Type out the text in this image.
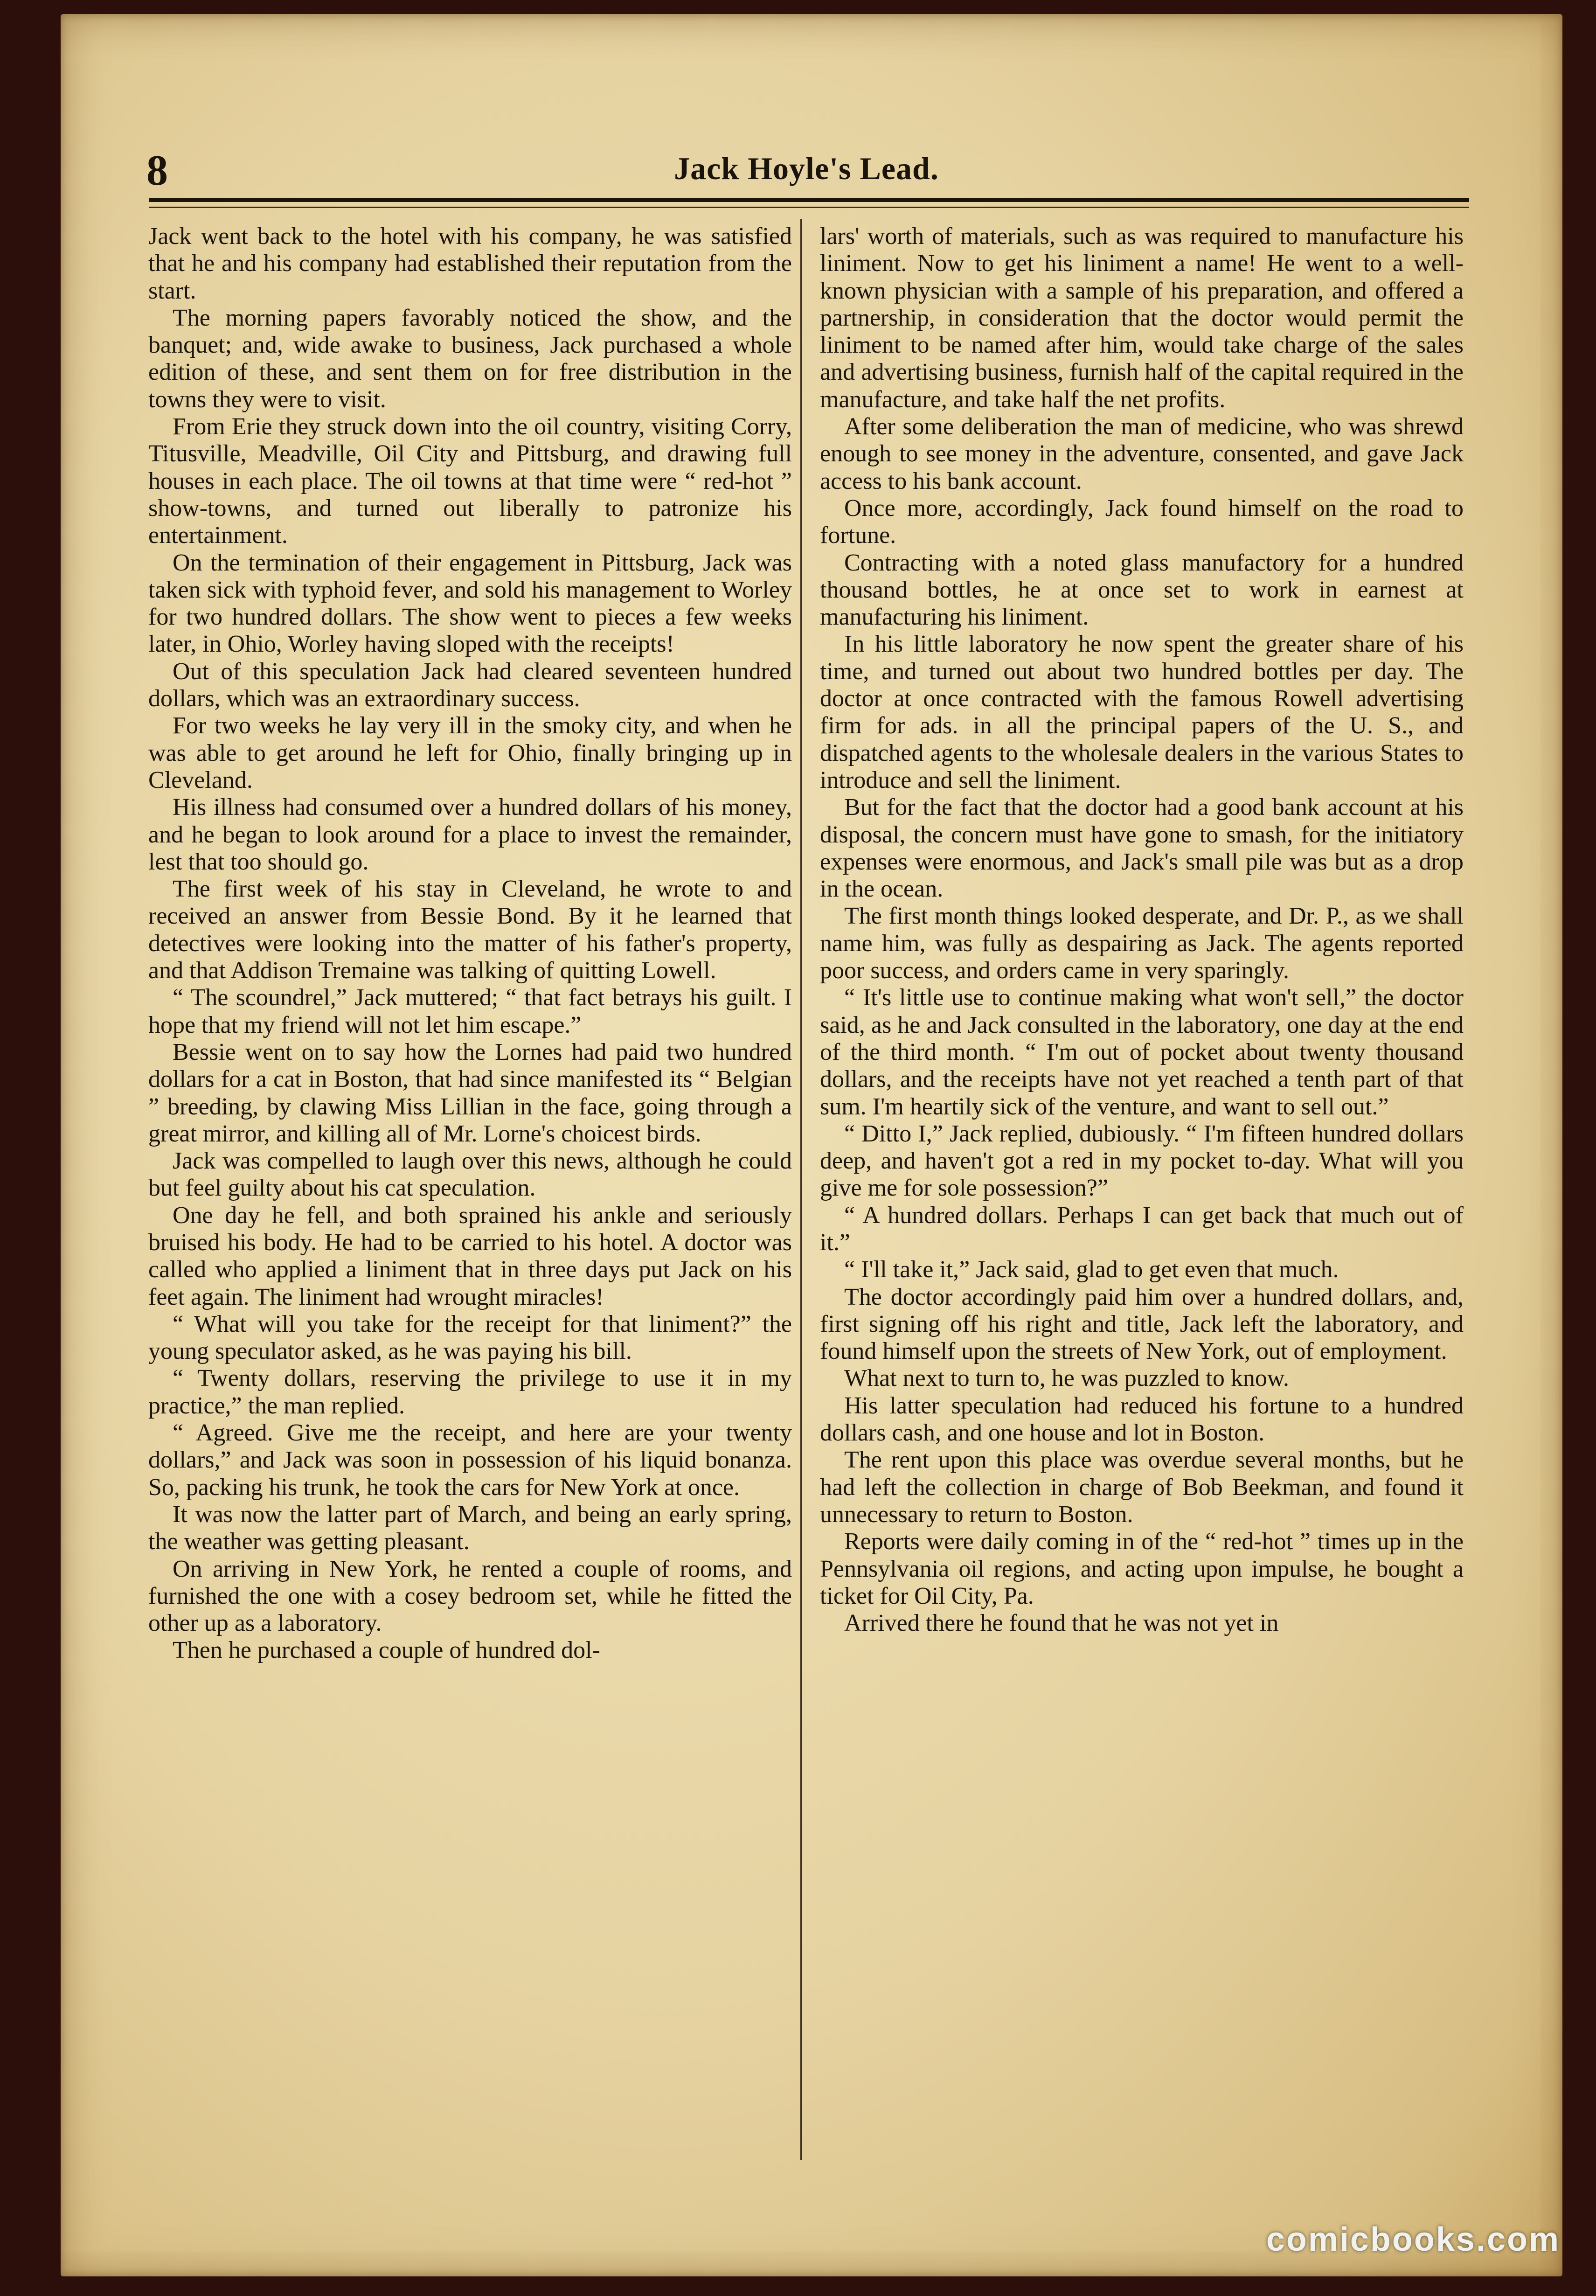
8	Jack Hoyle's Lead.

Jack went back to the hotel with his company, he was satisfied that he and his company had established their reputation from the start.

The morning papers favorably noticed the show, and the banquet; and, wide awake to business, Jack purchased a whole edition of these, and sent them on for free distribution in the towns they were to visit.

From Erie they struck down into the oil country, visiting Corry, Titusville, Meadville, Oil City and Pittsburg, and drawing full houses in each place. The oil towns at that time were “ red-hot ” show-towns, and turned out liberally to patronize his entertainment.

On the termination of their engagement in Pittsburg, Jack was taken sick with typhoid fever, and sold his management to Worley for two hundred dollars. The show went to pieces a few weeks later, in Ohio, Worley having sloped with the receipts!

Out of this speculation Jack had cleared seventeen hundred dollars, which was an extraordinary success.

For two weeks he lay very ill in the smoky city, and when he was able to get around he left for Ohio, finally bringing up in Cleveland.

His illness had consumed over a hundred dollars of his money, and he began to look around for a place to invest the remainder, lest that too should go.

The first week of his stay in Cleveland, he wrote to and received an answer from Bessie Bond. By it he learned that detectives were looking into the matter of his father's property, and that Addison Tremaine was talking of quitting Lowell.

“ The scoundrel,” Jack muttered; “ that fact betrays his guilt. I hope that my friend will not let him escape.”

Bessie went on to say how the Lornes had paid two hundred dollars for a cat in Boston, that had since manifested its “ Belgian ” breeding, by clawing Miss Lillian in the face, going through a great mirror, and killing all of Mr. Lorne's choicest birds.

Jack was compelled to laugh over this news, although he could but feel guilty about his cat speculation.

One day he fell, and both sprained his ankle and seriously bruised his body. He had to be carried to his hotel. A doctor was called who applied a liniment that in three days put Jack on his feet again. The liniment had wrought miracles!

“ What will you take for the receipt for that liniment?” the young speculator asked, as he was paying his bill.

“ Twenty dollars, reserving the privilege to use it in my practice,” the man replied.

“ Agreed. Give me the receipt, and here are your twenty dollars,” and Jack was soon in possession of his liquid bonanza. So, packing his trunk, he took the cars for New York at once.

It was now the latter part of March, and being an early spring, the weather was getting pleasant.

On arriving in New York, he rented a couple of rooms, and furnished the one with a cosey bedroom set, while he fitted the other up as a laboratory.

Then he purchased a couple of hundred dol-

lars' worth of materials, such as was required to manufacture his liniment. Now to get his liniment a name! He went to a well-known physician with a sample of his preparation, and offered a partnership, in consideration that the doctor would permit the liniment to be named after him, would take charge of the sales and advertising business, furnish half of the capital required in the manufacture, and take half the net profits.

After some deliberation the man of medicine, who was shrewd enough to see money in the adventure, consented, and gave Jack access to his bank account.

Once more, accordingly, Jack found himself on the road to fortune.

Contracting with a noted glass manufactory for a hundred thousand bottles, he at once set to work in earnest at manufacturing his liniment.

In his little laboratory he now spent the greater share of his time, and turned out about two hundred bottles per day. The doctor at once contracted with the famous Rowell advertising firm for ads. in all the principal papers of the U. S., and dispatched agents to the wholesale dealers in the various States to introduce and sell the liniment.

But for the fact that the doctor had a good bank account at his disposal, the concern must have gone to smash, for the initiatory expenses were enormous, and Jack's small pile was but as a drop in the ocean.

The first month things looked desperate, and Dr. P., as we shall name him, was fully as despairing as Jack. The agents reported poor success, and orders came in very sparingly.

“ It's little use to continue making what won't sell,” the doctor said, as he and Jack consulted in the laboratory, one day at the end of the third month. “ I'm out of pocket about twenty thousand dollars, and the receipts have not yet reached a tenth part of that sum. I'm heartily sick of the venture, and want to sell out.”

“ Ditto I,” Jack replied, dubiously. “ I'm fifteen hundred dollars deep, and haven't got a red in my pocket to-day. What will you give me for sole possession?”

“ A hundred dollars. Perhaps I can get back that much out of it.”

“ I'll take it,” Jack said, glad to get even that much.

The doctor accordingly paid him over a hundred dollars, and, first signing off his right and title, Jack left the laboratory, and found himself upon the streets of New York, out of employment.

What next to turn to, he was puzzled to know.

His latter speculation had reduced his fortune to a hundred dollars cash, and one house and lot in Boston.

The rent upon this place was overdue several months, but he had left the collection in charge of Bob Beekman, and found it unnecessary to return to Boston.

Reports were daily coming in of the “ red-hot ” times up in the Pennsylvania oil regions, and acting upon impulse, he bought a ticket for Oil City, Pa.

Arrived there he found that he was not yet in

comicbooks.com
